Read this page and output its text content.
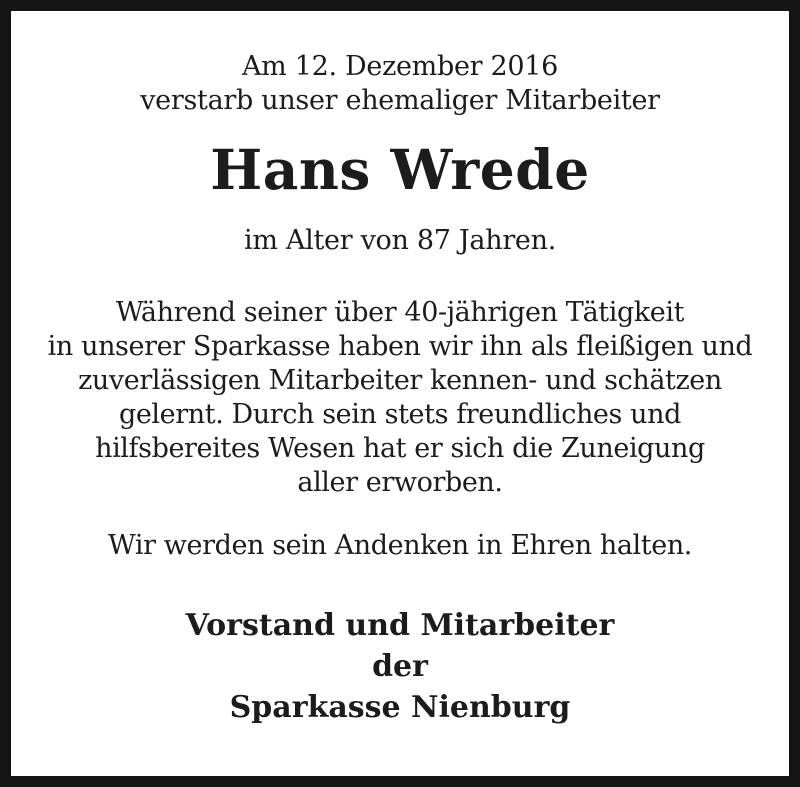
Am 12. Dezember 2016
verstarb unser ehemaliger Mitarbeiter
Hans Wrede
im Alter von 87 Jahren.
Während seiner über 40-jährigen Tätigkeit
in unserer Sparkasse haben wir ihn als fleißigen und
zuverlässigen Mitarbeiter kennen- und schätzen
gelernt. Durch sein stets freundliches und
hilfsbereites Wesen hat er sich die Zuneigung
aller erworben.
Wir werden sein Andenken in Ehren halten.
Vorstand und Mitarbeiter
der
Sparkasse Nienburg
